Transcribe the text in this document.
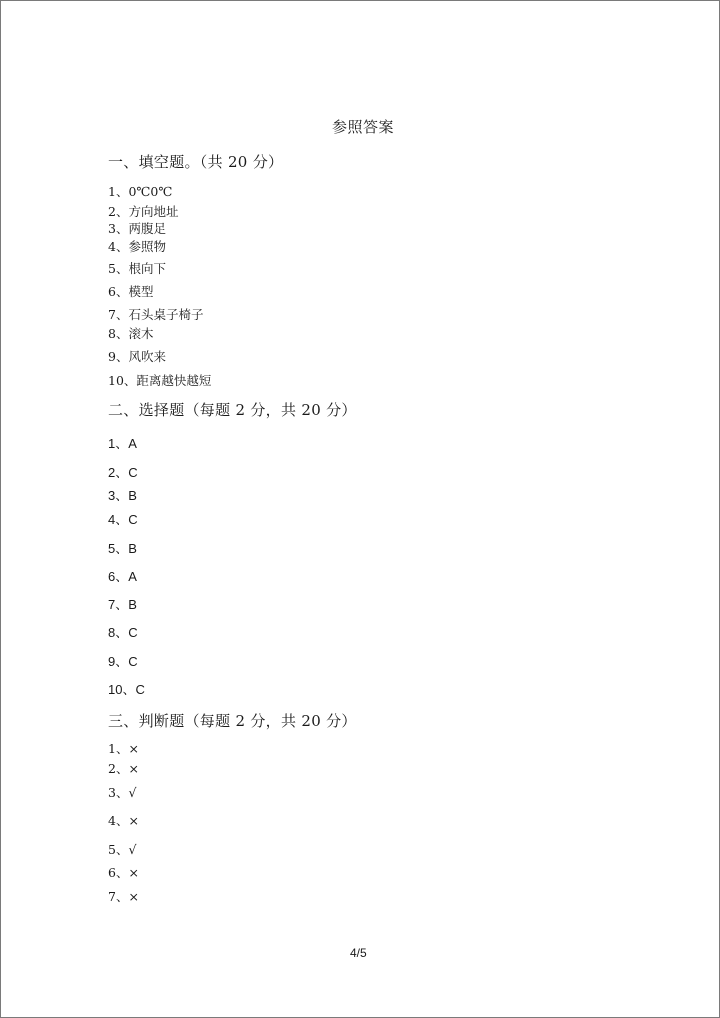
参照答案
一、填空题。（共 20 分）
1、0℃0℃
2、方向地址
3、两腹足
4、参照物
5、根向下
6、模型
7、石头桌子椅子
8、滚木
9、风吹来
10、距离越快越短
二、选择题（每题 2 分，共 20 分）
1、A
2、C
3、B
4、C
5、B
6、A
7、B
8、C
9、C
10、C
三、判断题（每题 2 分，共 20 分）
1、×
2、×
3、√
4、×
5、√
6、×
7、×
4/5
